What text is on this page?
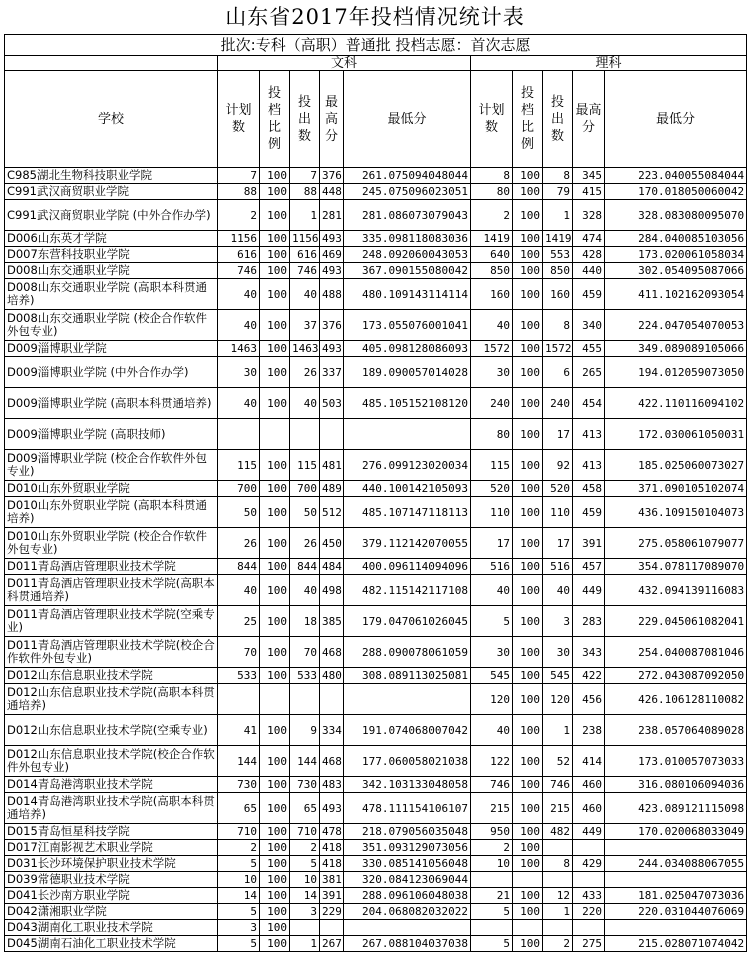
山东省2017年投档情况统计表
批次:专科（高职）普通批 投档志愿：首次志愿										
	文科					理科				
学校	计划数	投档比例	投出数	最高分	最低分	计划数	投档比例	投出数	最高分	最低分
C985湖北生物科技职业学院	7	100	7	376	261.075094048044	8	100	8	345	223.040055084044
C991武汉商贸职业学院	88	100	88	448	245.075096023051	80	100	79	415	170.018050060042
C991武汉商贸职业学院 (中外合作办学)	2	100	1	281	281.086073079043	2	100	1	328	328.083080095070
D006山东英才学院	1156	100	1156	493	335.098118083036	1419	100	1419	474	284.040085103056
D007东营科技职业学院	616	100	616	469	248.092060043053	640	100	553	428	173.020061058034
D008山东交通职业学院	746	100	746	493	367.090155080042	850	100	850	440	302.054095087066
D008山东交通职业学院 (高职本科贯通培养)	40	100	40	488	480.109143114114	160	100	160	459	411.102162093054
D008山东交通职业学院 (校企合作软件外包专业)	40	100	37	376	173.055076001041	40	100	8	340	224.047054070053
D009淄博职业学院	1463	100	1463	493	405.098128086093	1572	100	1572	455	349.089089105066
D009淄博职业学院 (中外合作办学)	30	100	26	337	189.090057014028	30	100	6	265	194.012059073050
D009淄博职业学院 (高职本科贯通培养)	40	100	40	503	485.105152108120	240	100	240	454	422.110116094102
D009淄博职业学院 (高职技师)						80	100	17	413	172.030061050031
D009淄博职业学院 (校企合作软件外包专业)	115	100	115	481	276.099123020034	115	100	92	413	185.025060073027
D010山东外贸职业学院	700	100	700	489	440.100142105093	520	100	520	458	371.090105102074
D010山东外贸职业学院 (高职本科贯通培养)	50	100	50	512	485.107147118113	110	100	110	459	436.109150104073
D010山东外贸职业学院 (校企合作软件外包专业)	26	100	26	450	379.112142070055	17	100	17	391	275.058061079077
D011青岛酒店管理职业技术学院	844	100	844	484	400.096114094096	516	100	516	457	354.078117089070
D011青岛酒店管理职业技术学院(高职本科贯通培养)	40	100	40	498	482.115142117108	40	100	40	449	432.094139116083
D011青岛酒店管理职业技术学院(空乘专业)	25	100	18	385	179.047061026045	5	100	3	283	229.045061082041
D011青岛酒店管理职业技术学院(校企合作软件外包专业)	70	100	70	468	288.090078061059	30	100	30	343	254.040087081046
D012山东信息职业技术学院	533	100	533	480	308.089113025081	545	100	545	422	272.043087092050
D012山东信息职业技术学院(高职本科贯通培养)						120	100	120	456	426.106128110082
D012山东信息职业技术学院(空乘专业)	41	100	9	334	191.074068007042	40	100	1	238	238.057064089028
D012山东信息职业技术学院(校企合作软件外包专业)	144	100	144	468	177.060058021038	122	100	52	414	173.010057073033
D014青岛港湾职业技术学院	730	100	730	483	342.103133048058	746	100	746	460	316.080106094036
D014青岛港湾职业技术学院(高职本科贯通培养)	65	100	65	493	478.111154106107	215	100	215	460	423.089121115098
D015青岛恒星科技学院	710	100	710	478	218.079056035048	950	100	482	449	170.020068033049
D017江南影视艺术职业学院	2	100	2	418	351.093129073056	2	100			
D031长沙环境保护职业技术学院	5	100	5	418	330.085141056048	10	100	8	429	244.034088067055
D039常德职业技术学院	10	100	10	381	320.084123069044					
D041长沙南方职业学院	14	100	14	391	288.096106048038	21	100	12	433	181.025047073036
D042潇湘职业学院	5	100	3	229	204.068082032022	5	100	1	220	220.031044076069
D043湖南化工职业技术学院	3	100								
D045湖南石油化工职业技术学院	5	100	1	267	267.088104037038	5	100	2	275	215.028071074042
